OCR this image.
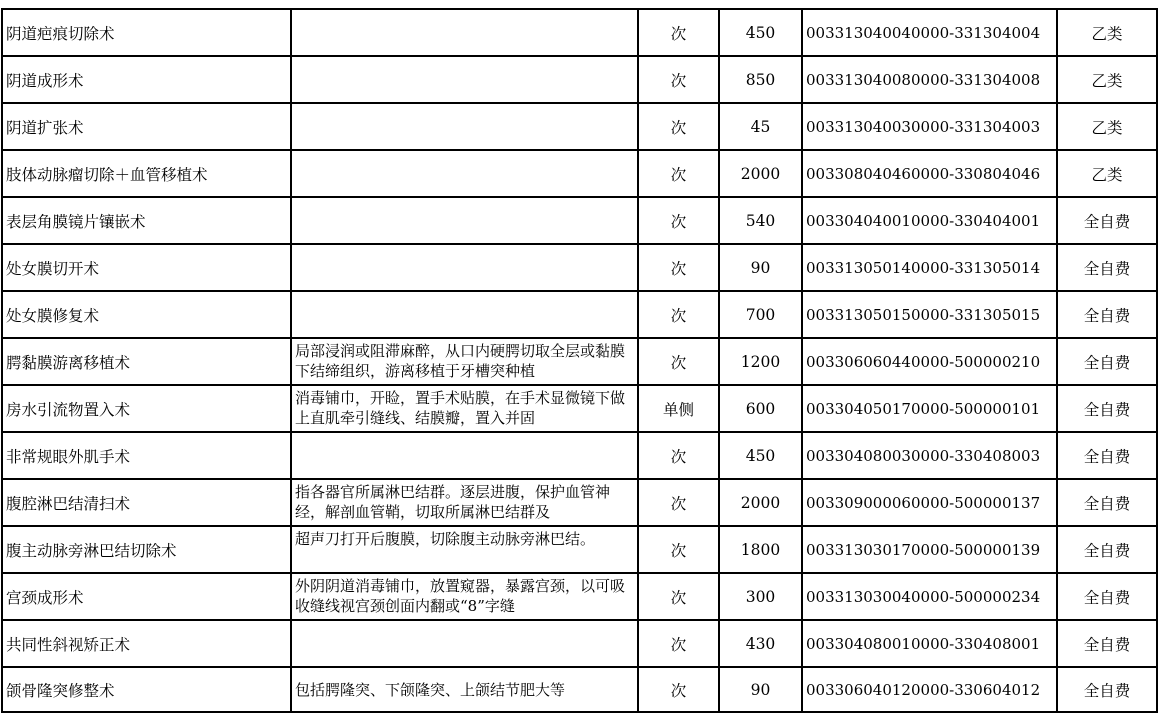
阴道疤痕切除术		次	450	003313040040000-331304004	乙类
阴道成形术		次	850	003313040080000-331304008	乙类
阴道扩张术		次	45	003313040030000-331304003	乙类
肢体动脉瘤切除＋血管移植术		次	2000	003308040460000-330804046	乙类
表层角膜镜片镶嵌术		次	540	003304040010000-330404001	全自费
处女膜切开术		次	90	003313050140000-331305014	全自费
处女膜修复术		次	700	003313050150000-331305015	全自费
腭黏膜游离移植术	局部浸润或阻滞麻醉，从口内硬腭切取全层或黏膜下结缔组织，游离移植于牙槽突种植	次	1200	003306060440000-500000210	全自费
房水引流物置入术	消毒铺巾，开睑，置手术贴膜，在手术显微镜下做上直肌牵引缝线、结膜瓣，置入并固	单侧	600	003304050170000-500000101	全自费
非常规眼外肌手术		次	450	003304080030000-330408003	全自费
腹腔淋巴结清扫术	指各器官所属淋巴结群。逐层进腹，保护血管神经，解剖血管鞘，切取所属淋巴结群及	次	2000	003309000060000-500000137	全自费
腹主动脉旁淋巴结切除术	超声刀打开后腹膜，切除腹主动脉旁淋巴结。	次	1800	003313030170000-500000139	全自费
宫颈成形术	外阴阴道消毒铺巾，放置窥器，暴露宫颈，以可吸收缝线视宫颈创面内翻或“8”字缝	次	300	003313030040000-500000234	全自费
共同性斜视矫正术		次	430	003304080010000-330408001	全自费
颌骨隆突修整术	包括腭隆突、下颌隆突、上颌结节肥大等	次	90	003306040120000-330604012	全自费
